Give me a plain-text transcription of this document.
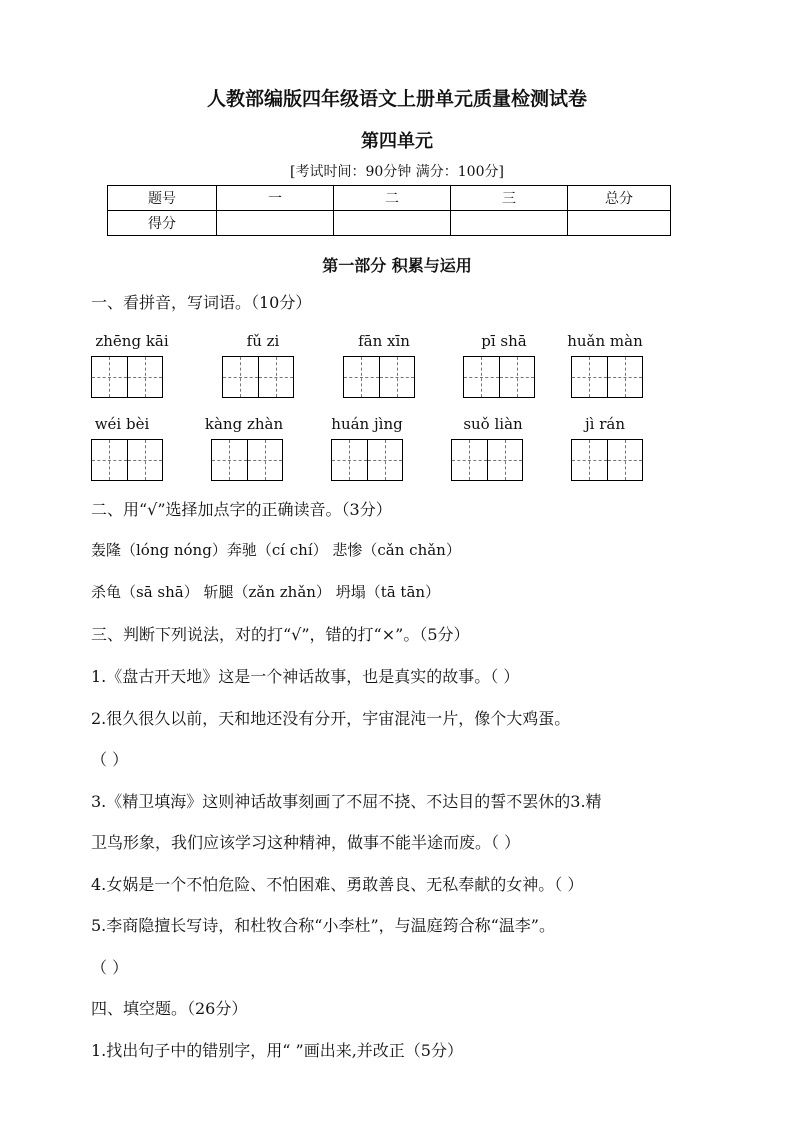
人教部编版四年级语文上册单元质量检测试卷
第四单元
[考试时间：90分钟 满分：100分]
题号	一	二	三	总分
得分				
第一部分 积累与运用
一、看拼音，写词语。（10分）
zhēng kāi	fǔ zi	fān xīn	pī shā	huǎn màn
wéi bèi	kàng zhàn	huán jìng	suǒ liàn	jì rán
二、用“√”选择加点字的正确读音。（3分）
轰隆（lóng nóng）奔驰（cí chí） 悲惨（cǎn chǎn）
杀龟（sā shā） 斩腿（zǎn zhǎn） 坍塌（tā tān）
三、判断下列说法，对的打“√”，错的打“×”。（5分）
1.《盘古开天地》这是一个神话故事，也是真实的故事。（ ）
2.很久很久以前，天和地还没有分开，宇宙混沌一片，像个大鸡蛋。
（ ）
3.《精卫填海》这则神话故事刻画了不屈不挠、不达目的誓不罢休的3.精
卫鸟形象，我们应该学习这种精神，做事不能半途而废。（ ）
4.女娲是一个不怕危险、不怕困难、勇敢善良、无私奉献的女神。（ ）
5.李商隐擅长写诗，和杜牧合称“小李杜”，与温庭筠合称“温李”。
（ ）
四、填空题。（26分）
1.找出句子中的错别字，用“ ”画出来,并改正（5分）
